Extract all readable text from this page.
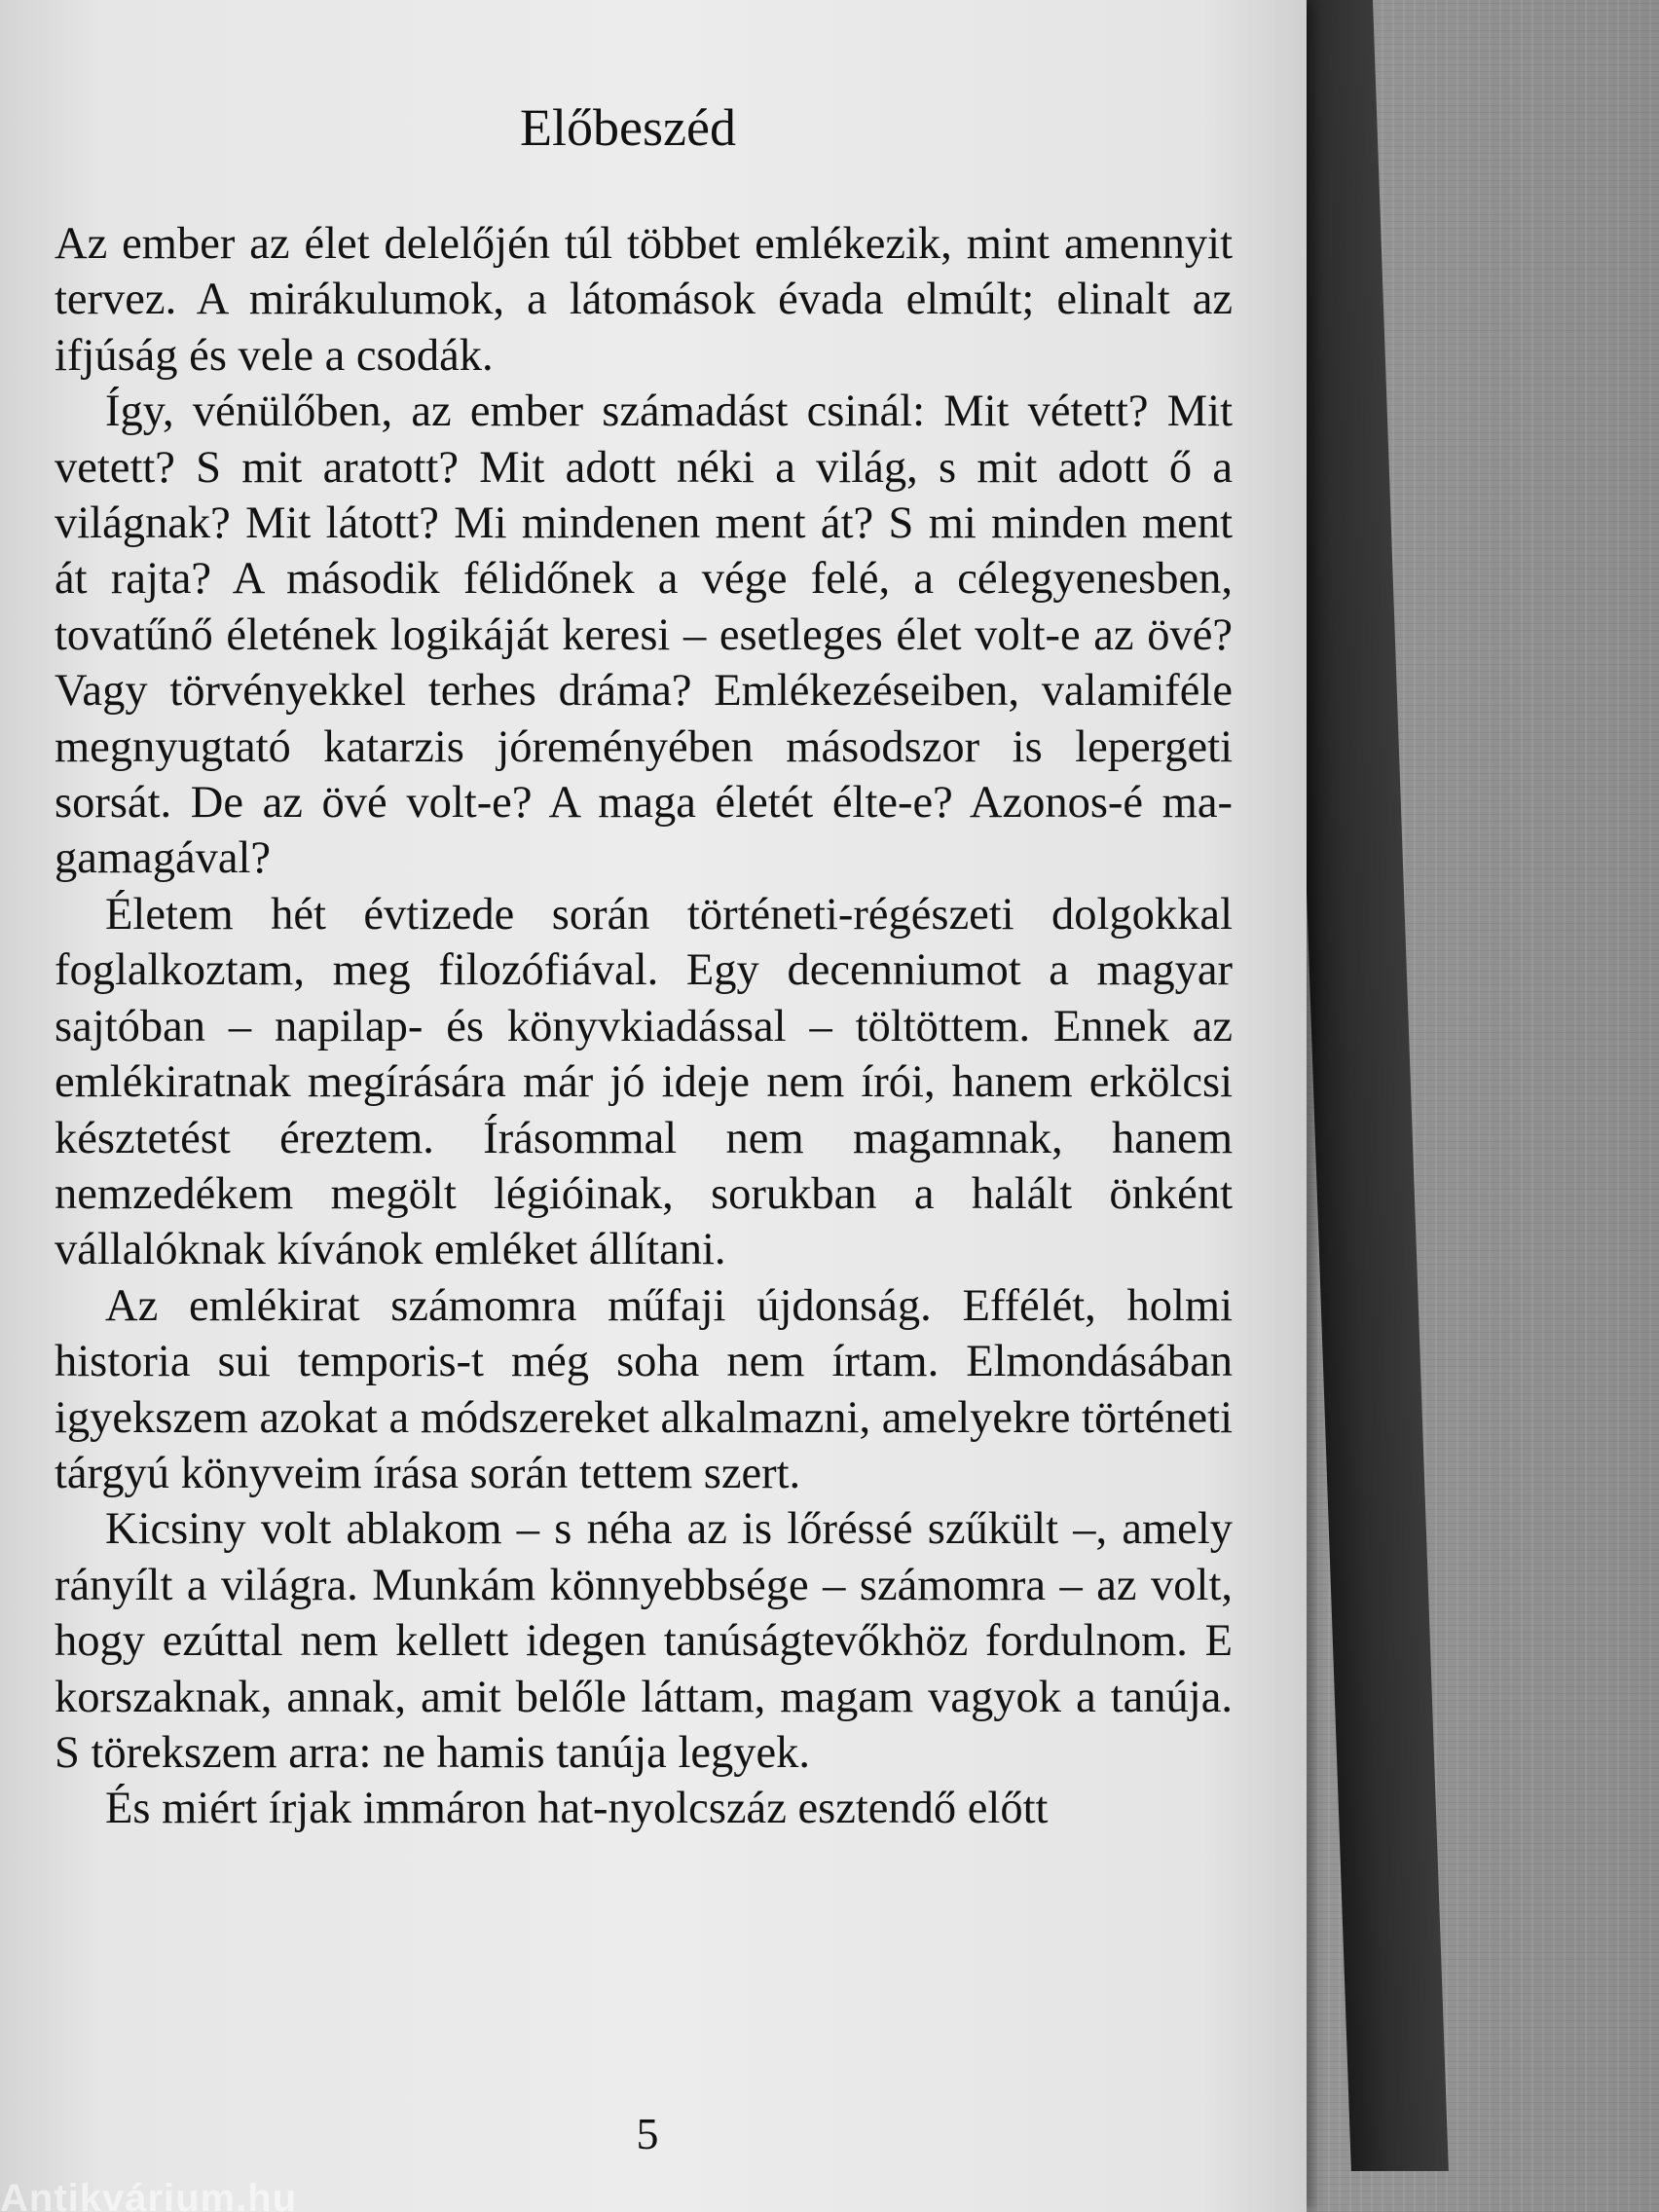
Előbeszéd

Az ember az élet delelőjén túl többet emlékezik, mint amennyit tervez. A mirákulumok, a látomások évada elmúlt; elinalt az ifjúság és vele a csodák.

Így, vénülőben, az ember számadást csinál: Mit vétett? Mit vetett? S mit aratott? Mit adott néki a világ, s mit adott ő a világnak? Mit látott? Mi mindenen ment át? S mi minden ment át rajta? A második félidőnek a vége felé, a célegyenesben, tovatűnő életének logikáját keresi – esetleges élet volt-e az övé? Vagy törvényekkel terhes dráma? Emlékezéseiben, valamiféle megnyugtató katarzis jóreményében másodszor is lepergeti sorsát. De az övé volt-e? A maga életét élte-e? Azonos-é magamagával?

Életem hét évtizede során történeti-régészeti dolgokkal foglalkoztam, meg filozófiával. Egy decenniumot a magyar sajtóban – napilap- és könyvkiadással – töltöttem. Ennek az emlékiratnak megírására már jó ideje nem írói, hanem erkölcsi késztetést éreztem. Írásommal nem magamnak, hanem nemzedékem megölt légióinak, sorukban a halált önként vállalóknak kívánok emléket állítani.

Az emlékirat számomra műfaji újdonság. Effélét, holmi historia sui temporis-t még soha nem írtam. Elmondásában igyekszem azokat a módszereket alkalmazni, amelyekre történeti tárgyú könyveim írása során tettem szert.

Kicsiny volt ablakom – s néha az is lőréssé szűkült –, amely rányílt a világra. Munkám könnyebbsége – számomra – az volt, hogy ezúttal nem kellett idegen tanúságtevőkhöz fordulnom. E korszaknak, annak, amit belőle láttam, magam vagyok a tanúja. S törekszem arra: ne hamis tanúja legyek.

És miért írjak immáron hat-nyolcszáz esztendő előtt

5
Antikvárium.hu
